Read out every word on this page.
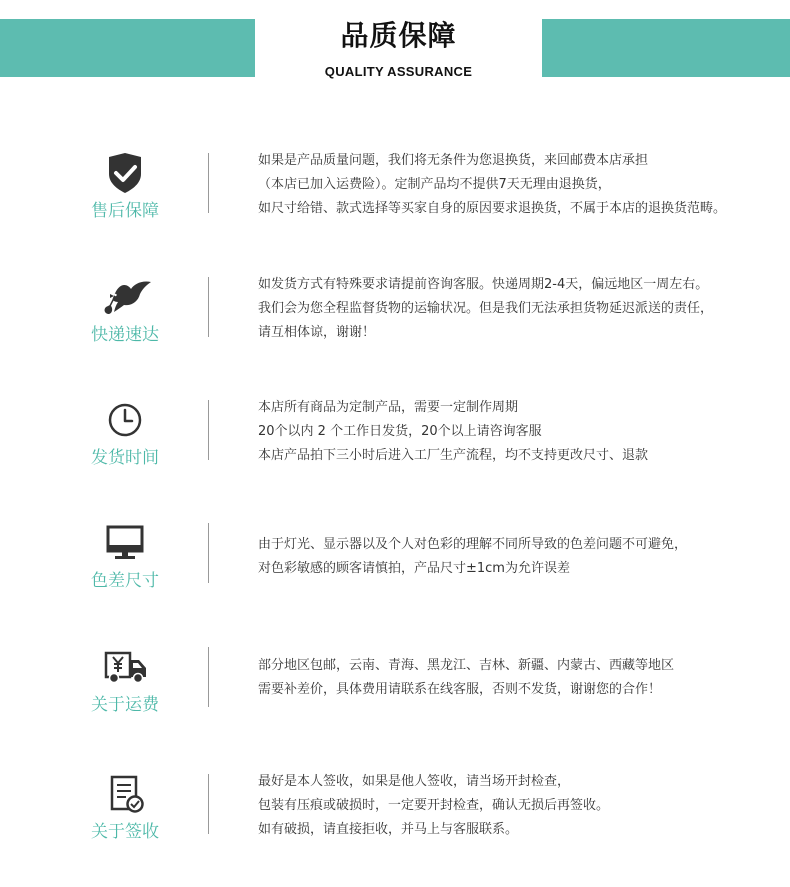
品质保障
QUALITY ASSURANCE
售后保障
如果是产品质量问题，我们将无条件为您退换货，来回邮费本店承担
（本店已加入运费险）。定制产品均不提供7天无理由退换货，
如尺寸给错、款式选择等买家自身的原因要求退换货，不属于本店的退换货范畴。
快递速达
如发货方式有特殊要求请提前咨询客服。快递周期2-4天，偏远地区一周左右。
我们会为您全程监督货物的运输状况。但是我们无法承担货物延迟派送的责任，
请互相体谅，谢谢！
发货时间
本店所有商品为定制产品，需要一定制作周期
20个以内 2 个工作日发货，20个以上请咨询客服
本店产品拍下三小时后进入工厂生产流程，均不支持更改尺寸、退款
色差尺寸
由于灯光、显示器以及个人对色彩的理解不同所导致的色差问题不可避免，
对色彩敏感的顾客请慎拍，产品尺寸±1cm为允许误差
关于运费
部分地区包邮，云南、青海、黑龙江、吉林、新疆、内蒙古、西藏等地区
需要补差价，具体费用请联系在线客服，否则不发货，谢谢您的合作！
关于签收
最好是本人签收，如果是他人签收，请当场开封检查，
包装有压痕或破损时，一定要开封检查，确认无损后再签收。
如有破损，请直接拒收，并马上与客服联系。
